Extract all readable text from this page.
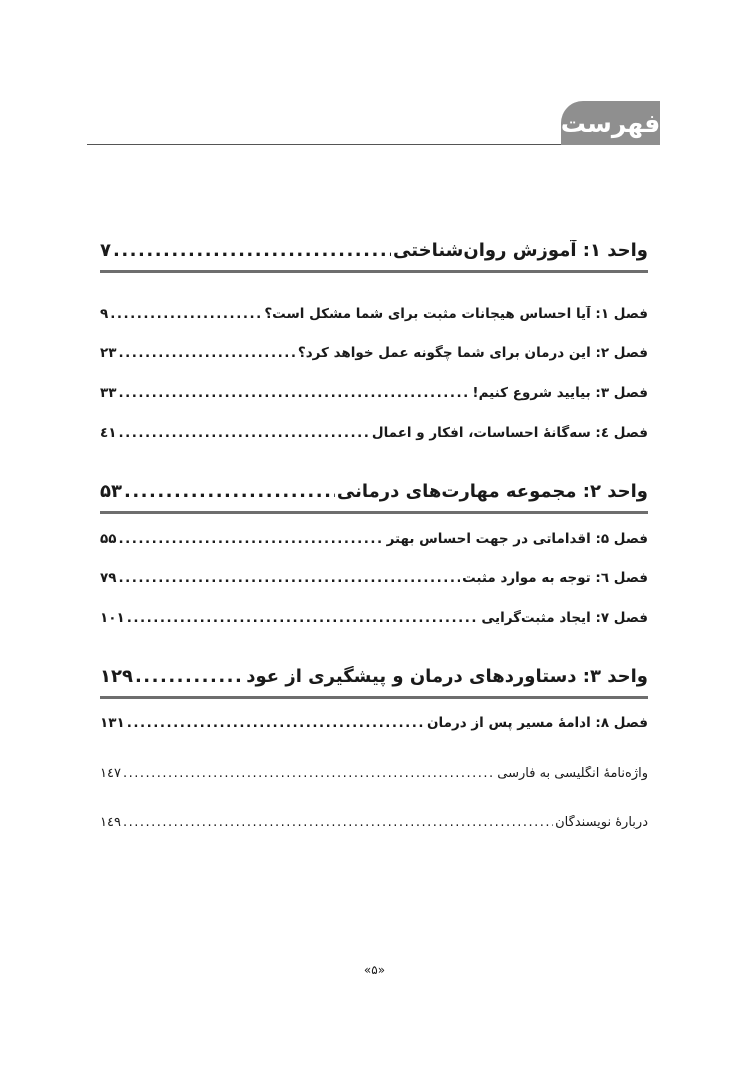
فهرست
واحد ۱: آموزش روان‌شناختی
.....
۷
فصل ۱: آیا احساسِ هیجانات مثبت برای شما مشکل است؟
.....
۹
فصل ۲: این درمان برای شما چگونه عمل خواهد کرد؟
.....
۲۳
فصل ۳: بیایید شروع کنیم!
.....
۳۳
فصل ٤: سه‌گانهٔ احساسات، افکار و اعمال
.....
٤۱
واحد ۲: مجموعه مهارت‌های درمانی
.....
۵۳
فصل ۵: اقداماتی در جهت احساس بهتر
.....
۵۵
فصل ٦: توجه به موارد مثبت
.....
۷۹
فصل ۷: ایجاد مثبت‌گرایی
.....
۱۰۱
واحد ۳: دستاوردهای درمان و پیشگیری از عود
.....
۱۲۹
فصل ۸: ادامهٔ مسیر پس از درمان
.....
۱۳۱
واژه‌نامهٔ انگلیسی به فارسی
.....
۱٤۷
دربارهٔ نویسندگان
.....
۱٤۹
«۵»
